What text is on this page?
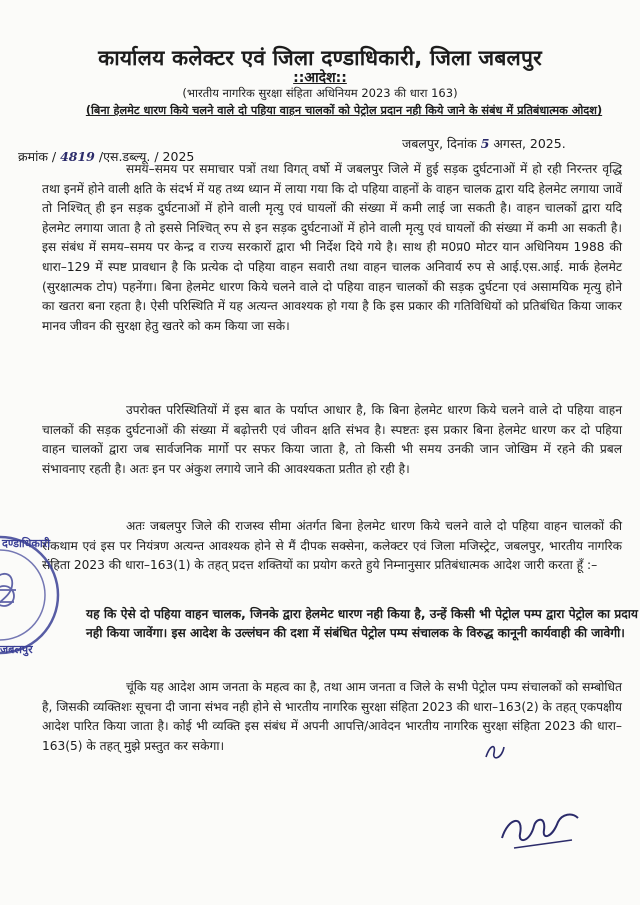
कार्यालय कलेक्टर एवं जिला दण्डाधिकारी, जिला जबलपुर
::आदेश::
(भारतीय नागरिक सुरक्षा संहिता अधिनियम 2023 की धारा 163)
(बिना हेलमेट धारण किये चलने वाले दो पहिया वाहन चालकों को पेट्रोल प्रदान नही किये जाने के संबंध में प्रतिबंधात्मक ओदश)
जबलपुर, दिनांक 5 अगस्त, 2025.
क्रमांक / 4819 /एस.डब्ल्यू. / 2025
समय–समय पर समाचार पत्रों तथा विगत् वर्षो में जबलपुर जिले में हुई सड़क दुर्घटनाओं में हो रही निरन्तर वृद्धि तथा इनमें होने वाली क्षति के संदर्भ में यह तथ्य ध्यान में लाया गया कि दो पहिया वाहनों के वाहन चालक द्वारा यदि हेलमेट लगाया जावें तो निश्चित् ही इन सड़क दुर्घटनाओं में होने वाली मृत्यु एवं घायलों की संख्या में कमी लाई जा सकती है। वाहन चालकों द्वारा यदि हेलमेट लगाया जाता है तो इससे निश्चित् रुप से इन सड़क दुर्घटनाओं में होने वाली मृत्यु एवं घायलों की संख्या में कमी आ सकती है। इस संबंध में समय–समय पर केन्द्र व राज्य सरकारों द्वारा भी निर्देश दिये गये है। साथ ही म0प्र0 मोटर यान अधिनियम 1988 की धारा–129 में स्पष्ट प्रावधान है कि प्रत्येक दो पहिया वाहन सवारी तथा वाहन चालक अनिवार्य रुप से आई.एस.आई. मार्क हेलमेट (सुरक्षात्मक टोप) पहनेंगा। बिना हेलमेट धारण किये चलने वाले दो पहिया वाहन चालकों की सड़क दुर्घटना एवं असामयिक मृत्यु होने का खतरा बना रहता है। ऐसी परिस्थिति में यह अत्यन्त आवश्यक हो गया है कि इस प्रकार की गतिविधियों को प्रतिबंधित किया जाकर मानव जीवन की सुरक्षा हेतु खतरे को कम किया जा सके।
उपरोक्त परिस्थितियों में इस बात के पर्याप्त आधार है, कि बिना हेलमेट धारण किये चलने वाले दो पहिया वाहन चालकों की सड़क दुर्घटनाओं की संख्या में बढ़ोत्तरी एवं जीवन क्षति संभव है। स्पष्टतः इस प्रकार बिना हेलमेट धारण कर दो पहिया वाहन चालकों द्वारा जब सार्वजनिक मार्गो पर सफर किया जाता है, तो किसी भी समय उनकी जान जोखिम में रहने की प्रबल संभावनाए रहती है। अतः इन पर अंकुश लगाये जाने की आवश्यकता प्रतीत हो रही है।
अतः जबलपुर जिले की राजस्व सीमा अंतर्गत बिना हेलमेट धारण किये चलने वाले दो पहिया वाहन चालकों की रोकथाम एवं इस पर नियंत्रण अत्यन्त आवश्यक होने से मैं दीपक सक्सेना, कलेक्टर एवं जिला मजिस्ट्रेट, जबलपुर, भारतीय नागरिक संहिता 2023 की धारा–163(1) के तहत् प्रदत्त शक्तियों का प्रयोग करते हुये निम्नानुसार प्रतिबंधात्मक आदेश जारी करता हूँ :–
यह कि ऐसे दो पहिया वाहन चालक, जिनके द्वारा हेलमेट धारण नही किया है, उन्हें किसी भी पेट्रोल पम्प द्वारा पेट्रोल का प्रदाय नही किया जावेंगा। इस आदेश के उल्लंघन की दशा में संबंधित पेट्रोल पम्प संचालक के विरुद्ध कानूनी कार्यवाही की जावेगी।
चूंकि यह आदेश आम जनता के महत्व का है, तथा आम जनता व जिले के सभी पेट्रोल पम्प संचालकों को सम्बोधित है, जिसकी व्यक्तिशः सूचना दी जाना संभव नही होने से भारतीय नागरिक सुरक्षा संहिता 2023 की धारा–163(2) के तहत् एकपक्षीय आदेश पारित किया जाता है। कोई भी व्यक्ति इस संबंध में अपनी आपत्ति/आवेदन भारतीय नागरिक सुरक्षा संहिता 2023 की धारा–163(5) के तहत् मुझे प्रस्तुत कर सकेगा।
दण्डाधिकारी
जबलपुर
